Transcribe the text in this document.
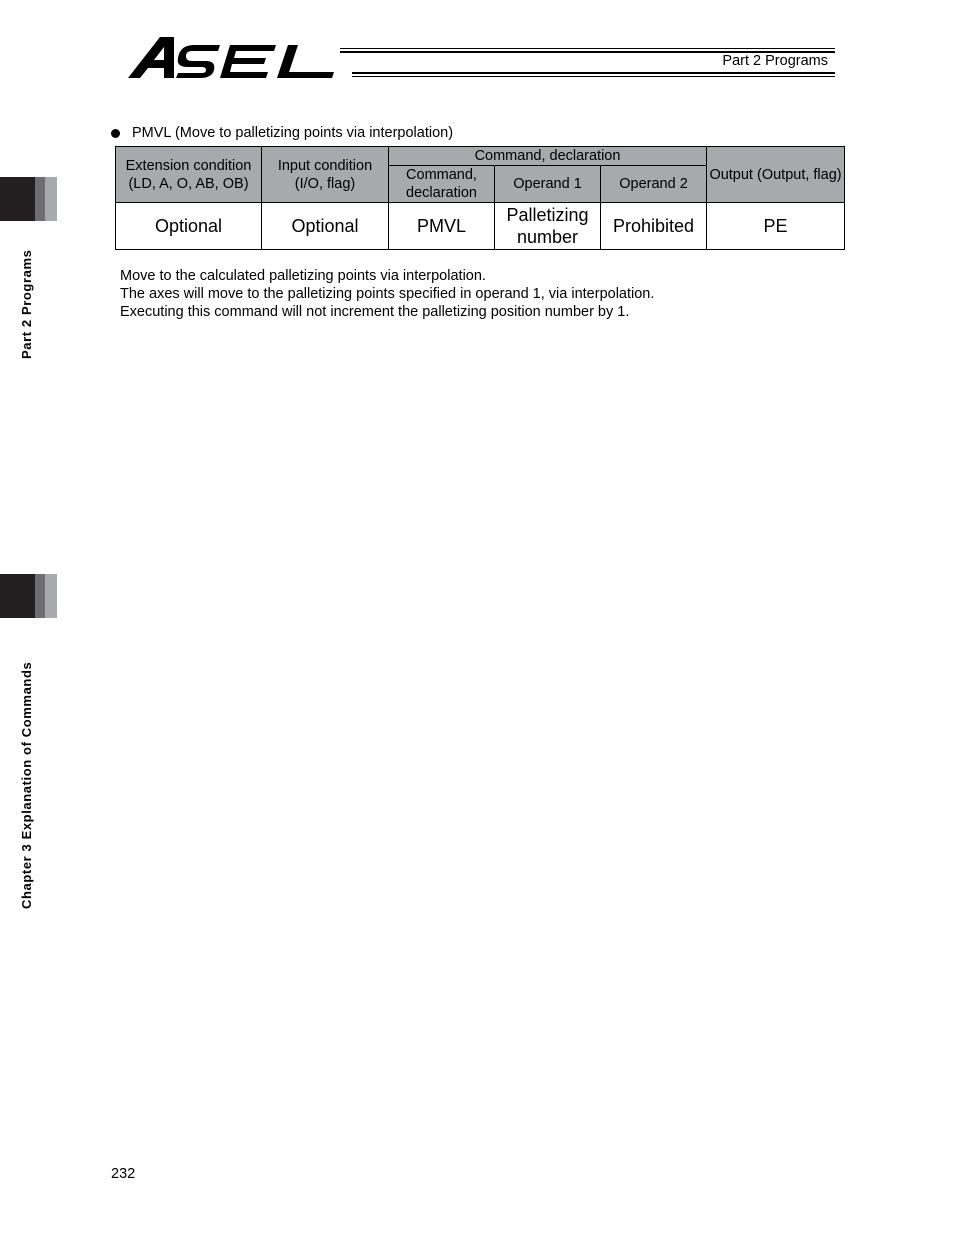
Part 2 Programs
Part 2 Programs
Chapter 3 Explanation of Commands
PMVL (Move to palletizing points via interpolation)
Extension condition (LD, A, O, AB, OB)	Input condition (I/O, flag)	Command, declaration			Output (Output, flag)
		Command, declaration	Operand 1	Operand 2	
Optional	Optional	PMVL	Palletizing number	Prohibited	PE

Move to the calculated palletizing points via interpolation.

The axes will move to the palletizing points specified in operand 1, via interpolation.

Executing this command will not increment the palletizing position number by 1.

232
